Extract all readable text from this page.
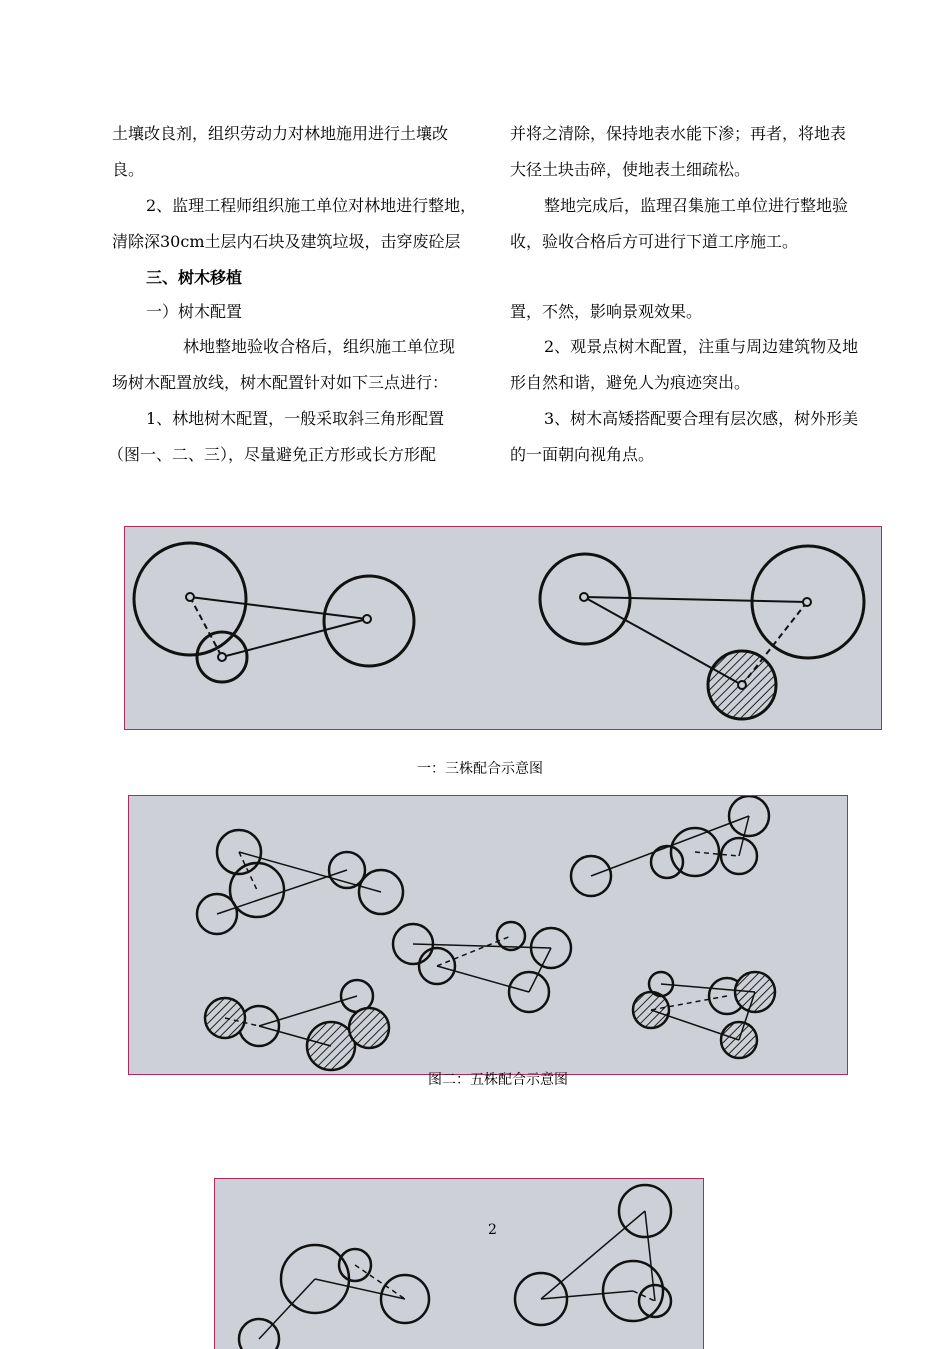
土壤改良剂，组织劳动力对林地施用进行土壤改
良。
2、监理工程师组织施工单位对林地进行整地，
清除深30cm土层内石块及建筑垃圾，击穿废砼层
三、树木移植
一）树木配置
林地整地验收合格后，组织施工单位现
场树木配置放线，树木配置针对如下三点进行：
1、林地树木配置，一般采取斜三角形配置
（图一、二、三），尽量避免正方形或长方形配
并将之清除，保持地表水能下渗；再者，将地表
大径土块击碎，使地表土细疏松。
整地完成后，监理召集施工单位进行整地验
收，验收合格后方可进行下道工序施工。
置，不然，影响景观效果。
2、观景点树木配置，注重与周边建筑物及地
形自然和谐，避免人为痕迹突出。
3、树木高矮搭配要合理有层次感，树外形美
的一面朝向视角点。
一：三株配合示意图
图二：五株配合示意图
2
